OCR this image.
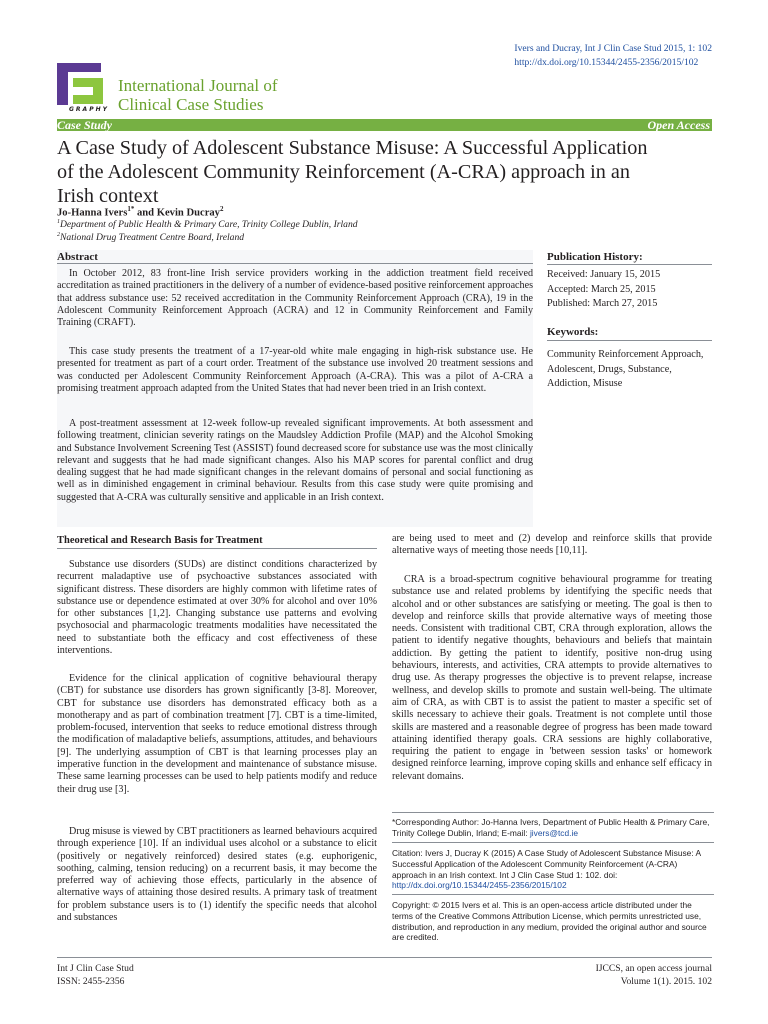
Ivers and Ducray, Int J Clin Case Stud 2015, 1: 102
http://dx.doi.org/10.15344/2455-2356/2015/102
GRAPHY
International Journal of
Clinical Case Studies
Case Study	Open Access
A Case Study of Adolescent Substance Misuse: A Successful Application
of the Adolescent Community Reinforcement (A-CRA) approach in an
Irish context
Jo-Hanna Ivers$^{1*}$ and Kevin Ducray$^2$
$^1$Department of Public Health & Primary Care, Trinity College Dublin, Irland
$^2$National Drug Treatment Centre Board, Ireland
Abstract

In October 2012, 83 front-line Irish service providers working in the addiction treatment field received accreditation as trained practitioners in the delivery of a number of evidence-based positive reinforcement approaches that address substance use: 52 received accreditation in the Community Reinforcement Approach (CRA), 19 in the Adolescent Community Reinforcement Approach (ACRA) and 12 in Community Reinforcement and Family Training (CRAFT).

This case study presents the treatment of a 17-year-old white male engaging in high-risk substance use. He presented for treatment as part of a court order. Treatment of the substance use involved 20 treatment sessions and was conducted per Adolescent Community Reinforcement Approach (A-CRA). This was a pilot of A-CRA a promising treatment approach adapted from the United States that had never been tried in an Irish context.

A post-treatment assessment at 12-week follow-up revealed significant improvements. At both assessment and following treatment, clinician severity ratings on the Maudsley Addiction Profile (MAP) and the Alcohol Smoking and Substance Involvement Screening Test (ASSIST) found decreased score for substance use was the most clinically relevant and suggests that he had made significant changes. Also his MAP scores for parental conflict and drug dealing suggest that he had made significant changes in the relevant domains of personal and social functioning as well as in diminished engagement in criminal behaviour. Results from this case study were quite promising and suggested that A-CRA was culturally sensitive and applicable in an Irish context.

Publication History:
Received: January 15, 2015
Accepted: March 25, 2015
Published: March 27, 2015
Keywords:
Community Reinforcement Approach, Adolescent, Drugs, Substance, Addiction, Misuse
Theoretical and Research Basis for Treatment

Substance use disorders (SUDs) are distinct conditions characterized by recurrent maladaptive use of psychoactive substances associated with significant distress. These disorders are highly common with lifetime rates of substance use or dependence estimated at over 30% for alcohol and over 10% for other substances [1,2]. Changing substance use patterns and evolving psychosocial and pharmacologic treatments modalities have necessitated the need to substantiate both the efficacy and cost effectiveness of these interventions.

Evidence for the clinical application of cognitive behavioural therapy (CBT) for substance use disorders has grown significantly [3-8]. Moreover, CBT for substance use disorders has demonstrated efficacy both as a monotherapy and as part of combination treatment [7]. CBT is a time-limited, problem-focused, intervention that seeks to reduce emotional distress through the modification of maladaptive beliefs, assumptions, attitudes, and behaviours [9]. The underlying assumption of CBT is that learning processes play an imperative function in the development and maintenance of substance misuse. These same learning processes can be used to help patients modify and reduce their drug use [3].

Drug misuse is viewed by CBT practitioners as learned behaviours acquired through experience [10]. If an individual uses alcohol or a substance to elicit (positively or negatively reinforced) desired states (e.g. euphorigenic, soothing, calming, tension reducing) on a recurrent basis, it may become the preferred way of achieving those effects, particularly in the absence of alternative ways of attaining those desired results. A primary task of treatment for problem substance users is to (1) identify the specific needs that alcohol and substances

are being used to meet and (2) develop and reinforce skills that provide alternative ways of meeting those needs [10,11].

CRA is a broad-spectrum cognitive behavioural programme for treating substance use and related problems by identifying the specific needs that alcohol and or other substances are satisfying or meeting. The goal is then to develop and reinforce skills that provide alternative ways of meeting those needs. Consistent with traditional CBT, CRA through exploration, allows the patient to identify negative thoughts, behaviours and beliefs that maintain addiction. By getting the patient to identify, positive non-drug using behaviours, interests, and activities, CRA attempts to provide alternatives to drug use. As therapy progresses the objective is to prevent relapse, increase wellness, and develop skills to promote and sustain well-being. The ultimate aim of CRA, as with CBT is to assist the patient to master a specific set of skills necessary to achieve their goals. Treatment is not complete until those skills are mastered and a reasonable degree of progress has been made toward attaining identified therapy goals. CRA sessions are highly collaborative, requiring the patient to engage in 'between session tasks' or homework designed reinforce learning, improve coping skills and enhance self efficacy in relevant domains.

*Corresponding Author: Jo-Hanna Ivers, Department of Public Health & Primary Care, Trinity College Dublin, Irland; E-mail: jivers@tcd.ie
Citation: Ivers J, Ducray K (2015) A Case Study of Adolescent Substance Misuse: A Successful Application of the Adolescent Community Reinforcement (A-CRA) approach in an Irish context. Int J Clin Case Stud 1: 102. doi: http://dx.doi.org/10.15344/2455-2356/2015/102
Copyright: © 2015 Ivers et al. This is an open-access article distributed under the terms of the Creative Commons Attribution License, which permits unrestricted use, distribution, and reproduction in any medium, provided the original author and source are credited.
Int J Clin Case Stud
ISSN: 2455-2356
IJCCS, an open access journal
Volume 1(1). 2015. 102
